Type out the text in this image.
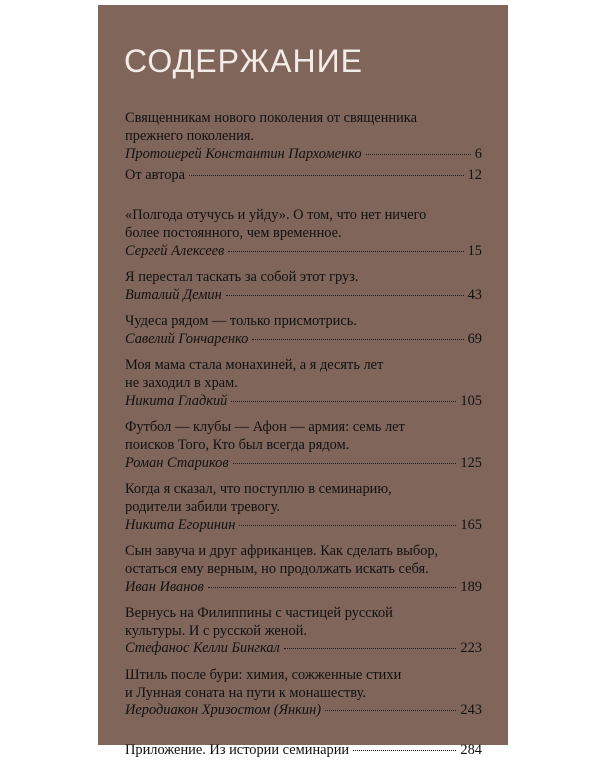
СОДЕРЖАНИЕ
Священникам нового поколения от священника
прежнего поколения.
Протоиерей Константин Пархоменко	6
От автора	12
«Полгода отучусь и уйду». О том, что нет ничего
более постоянного, чем временное.
Сергей Алексеев	15
Я перестал таскать за собой этот груз.
Виталий Демин	43
Чудеса рядом — только присмотрись.
Савелий Гончаренко	69
Моя мама стала монахиней, а я десять лет
не заходил в храм.
Никита Гладкий	105
Футбол — клубы — Афон — армия: семь лет
поисков Того, Кто был всегда рядом.
Роман Стариков	125
Когда я сказал, что поступлю в семинарию,
родители забили тревогу.
Никита Егоринин	165
Сын завуча и друг африканцев. Как сделать выбор,
остаться ему верным, но продолжать искать себя.
Иван Иванов	189
Вернусь на Филиппины с частицей русской
культуры. И с русской женой.
Стефанос Келли Бингкал	223
Штиль после бури: химия, сожженные стихи
и Лунная соната на пути к монашеству.
Иеродиакон Хризостом (Янкин)	243
Приложение. Из истории семинарии	284
